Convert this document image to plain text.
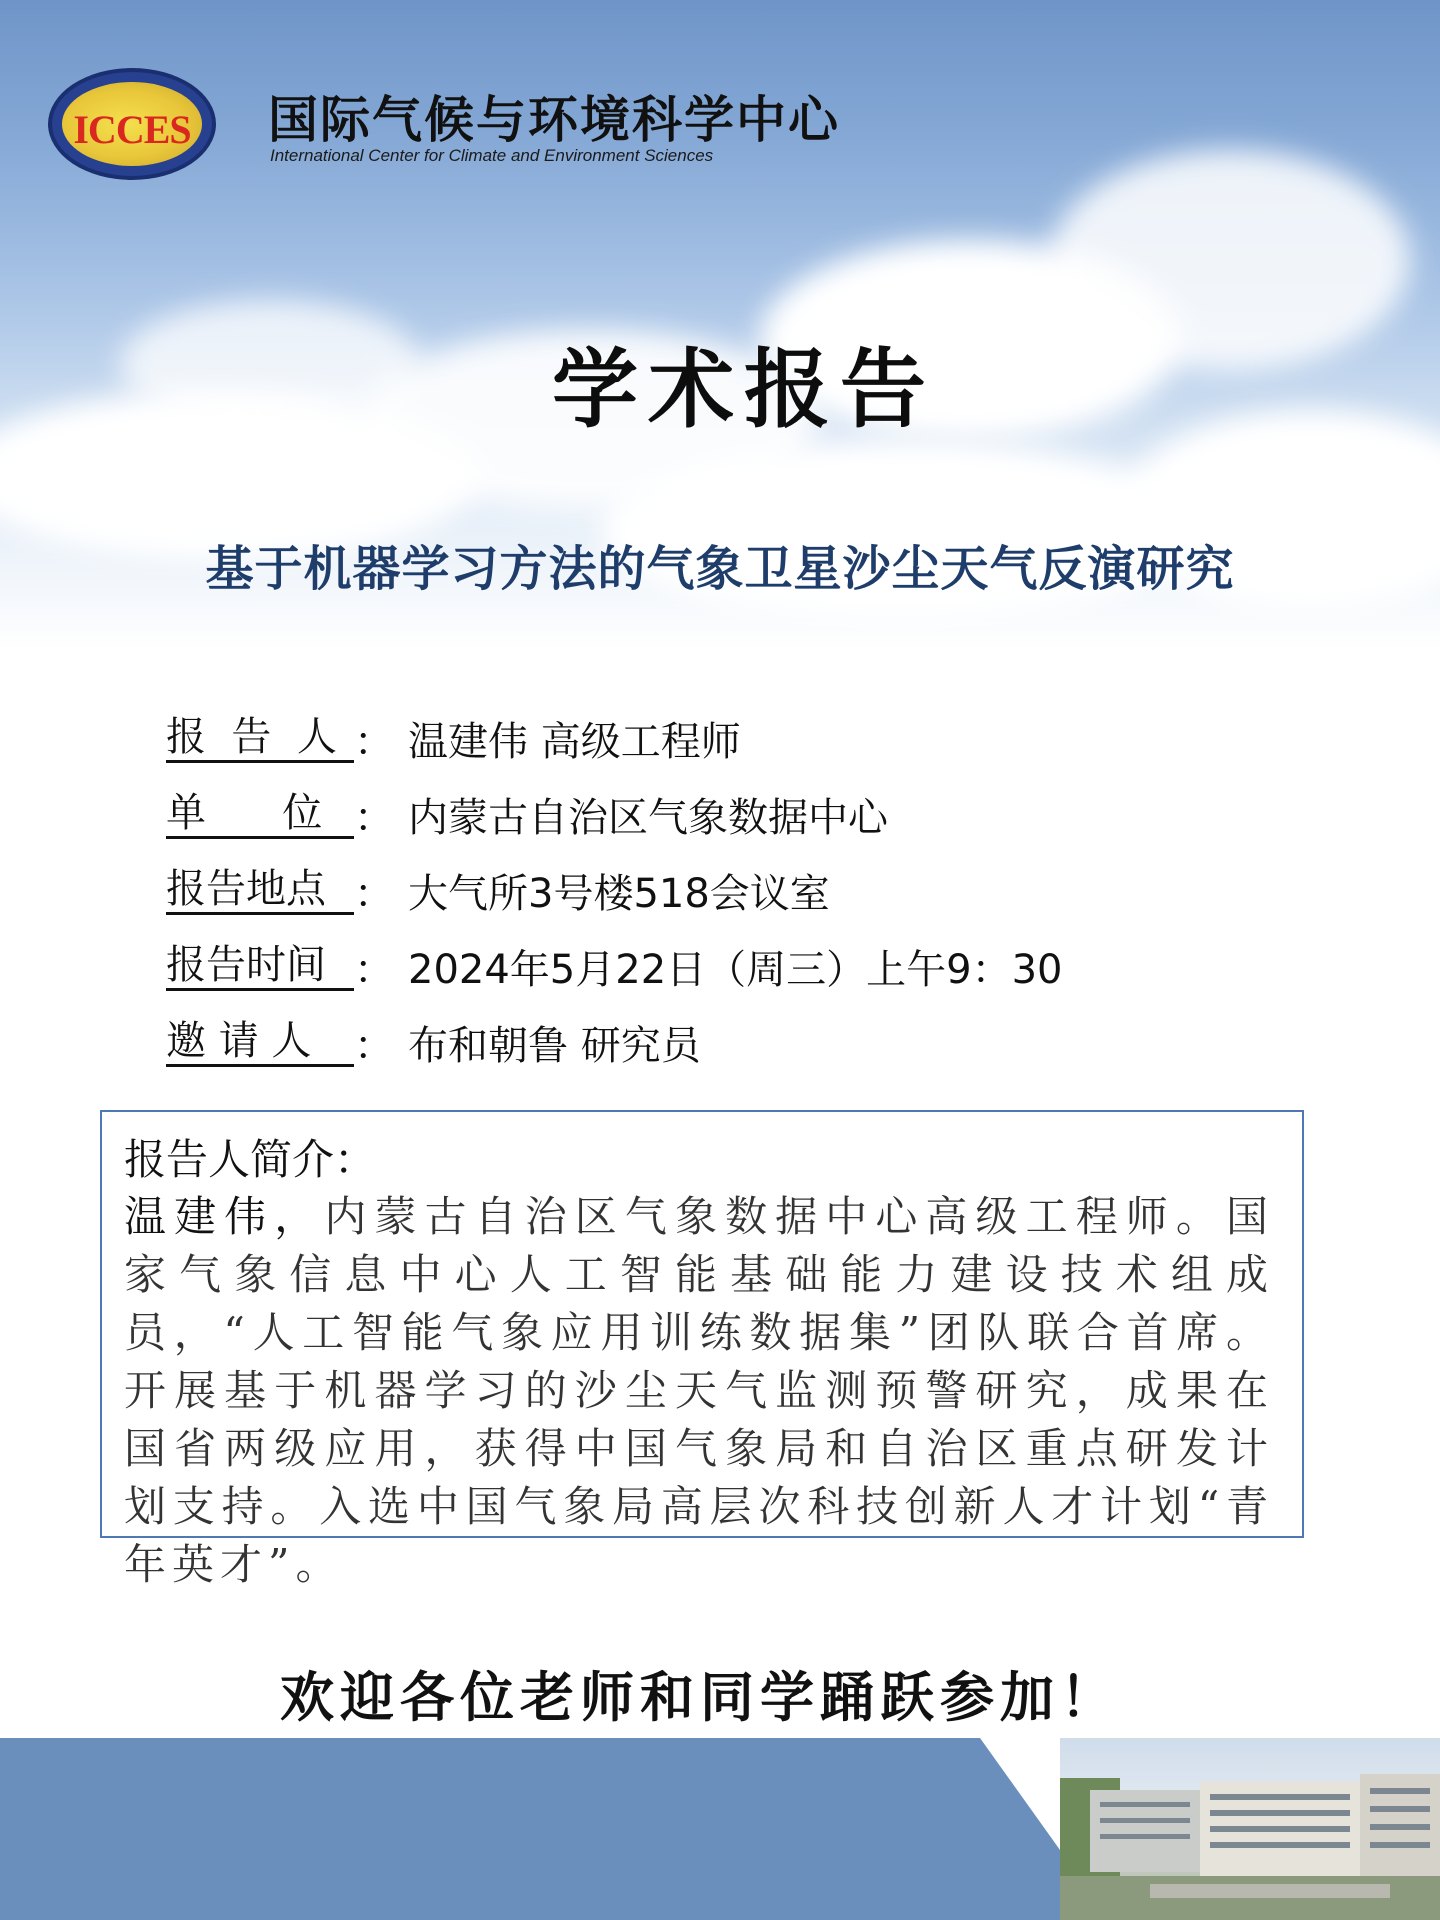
ICCES 国际气候与环境科学中心
International Center for Climate and Environment Sciences
学术报告
基于机器学习方法的气象卫星沙尘天气反演研究
报  告  人 ： 温建伟 高级工程师
单      位 ： 内蒙古自治区气象数据中心
报告地点 ： 大气所3号楼518会议室
报告时间 ： 2024年5月22日（周三）上午9：30
邀 请 人	： 布和朝鲁 研究员
报告人简介：

温建伟，内蒙古自治区气象数据中心高级工程师。国家气象信息中心人工智能基础能力建设技术组成员，“人工智能气象应用训练数据集”团队联合首席。开展基于机器学习的沙尘天气监测预警研究，成果在国省两级应用，获得中国气象局和自治区重点研发计划支持。入选中国气象局高层次科技创新人才计划“青年英才”。

欢迎各位老师和同学踊跃参加！
